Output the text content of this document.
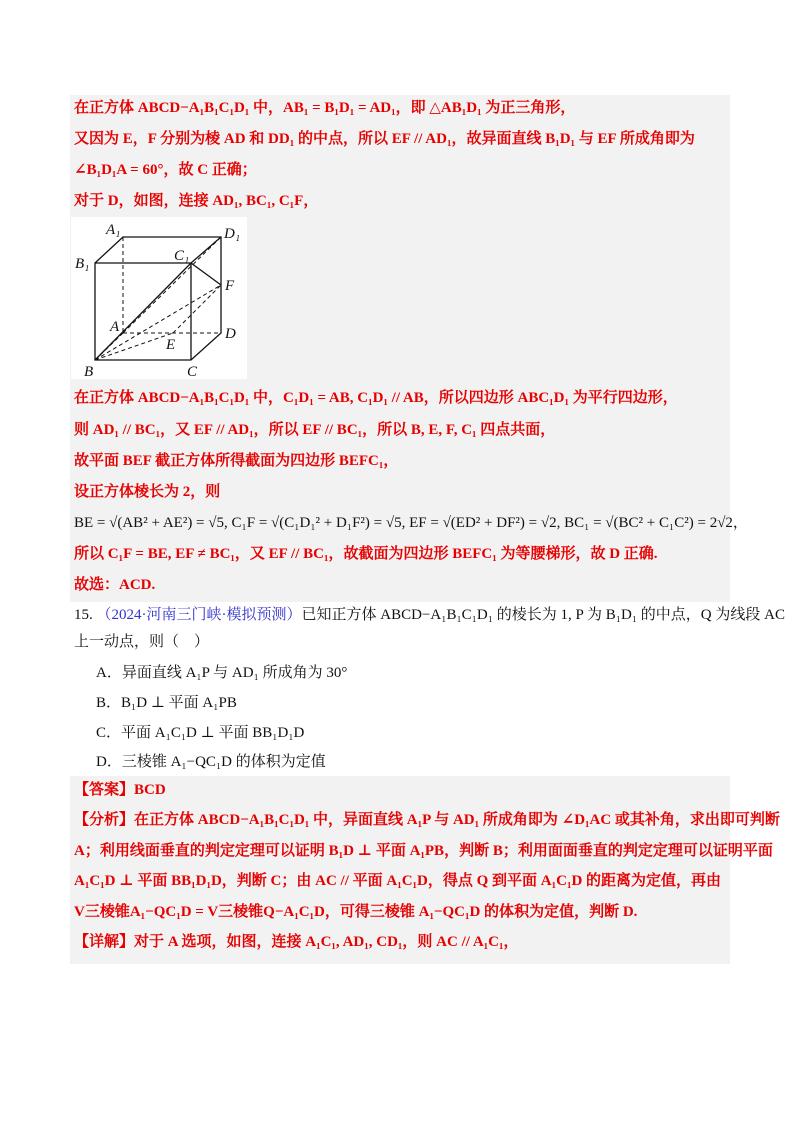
在正方体 ABCD−A₁B₁C₁D₁ 中，AB₁ = B₁D₁ = AD₁，即 △AB₁D₁ 为正三角形，
又因为 E，F 分别为棱 AD 和 DD₁ 的中点，所以 EF // AD₁，故异面直线 B₁D₁ 与 EF 所成角即为
∠B₁D₁A = 60°，故 C 正确；
对于 D，如图，连接 AD₁, BC₁, C₁F，
A₁	D₁
B₁	C₁
F
A	D
E
B	C
在正方体 ABCD−A₁B₁C₁D₁ 中，C₁D₁ = AB, C₁D₁ // AB，所以四边形 ABC₁D₁ 为平行四边形，
则 AD₁ // BC₁，又 EF // AD₁，所以 EF // BC₁，所以 B, E, F, C₁ 四点共面，
故平面 BEF 截正方体所得截面为四边形 BEFC₁，
设正方体棱长为 2，则
BE = √(AB² + AE²) = √5, C₁F = √(C₁D₁² + D₁F²) = √5, EF = √(ED² + DF²) = √2, BC₁ = √(BC² + C₁C²) = 2√2，
所以 C₁F = BE, EF ≠ BC₁，又 EF // BC₁，故截面为四边形 BEFC₁ 为等腰梯形，故 D 正确.
故选：ACD.
15. （2024·河南三门峡·模拟预测）已知正方体 ABCD−A₁B₁C₁D₁ 的棱长为 1, P 为 B₁D₁ 的中点，Q 为线段 AC
上一动点，则（　）
A．异面直线 A₁P 与 AD₁ 所成角为 30°
B．B₁D ⊥ 平面 A₁PB
C．平面 A₁C₁D ⊥ 平面 BB₁D₁D
D．三棱锥 A₁−QC₁D 的体积为定值
【答案】BCD
【分析】在正方体 ABCD−A₁B₁C₁D₁ 中，异面直线 A₁P 与 AD₁ 所成角即为 ∠D₁AC 或其补角，求出即可判断
A；利用线面垂直的判定定理可以证明 B₁D ⊥ 平面 A₁PB，判断 B；利用面面垂直的判定定理可以证明平面
A₁C₁D ⊥ 平面 BB₁D₁D，判断 C；由 AC // 平面 A₁C₁D，得点 Q 到平面 A₁C₁D 的距离为定值，再由
V三棱锥A₁−QC₁D = V三棱锥Q−A₁C₁D，可得三棱锥 A₁−QC₁D 的体积为定值，判断 D.
【详解】对于 A 选项，如图，连接 A₁C₁, AD₁, CD₁，则 AC // A₁C₁，
